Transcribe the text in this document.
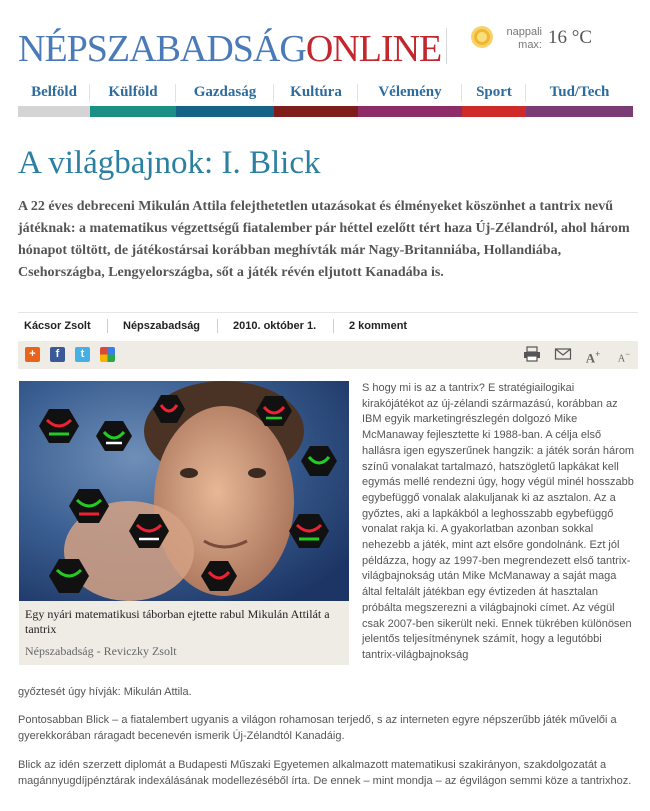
NÉPSZABADSÁGONLINE	nappali max: 16 °C
Belföld	Külföld	Gazdaság	Kultúra	Vélemény	Sport	Tud/Tech
A világbajnok: I. Blick

A 22 éves debreceni Mikulán Attila felejthetetlen utazásokat és élményeket köszönhet a tantrix nevű játéknak: a matematikus végzettségű fiatalember pár héttel ezelőtt tért haza Új-Zélandról, ahol három hónapot töltött, de játékostársai korábban meghívták már Nagy-Britanniába, Hollandiába, Csehországba, Lengyelországba, sőt a játék révén eljutott Kanadába is.

Kácsor Zsolt	Népszabadság	2010. október 1.	2 komment
+	f	t	A+ A−
Egy nyári matematikusi táborban ejtette rabul Mikulán Attilát a tantrix
Népszabadság - Reviczky Zsolt

S hogy mi is az a tantrix? E stratégiailogikai kirakójátékot az új-zélandi származású, korábban az IBM egyik marketingrészlegén dolgozó Mike McManaway fejlesztette ki 1988-ban. A célja első hallásra igen egyszerűnek hangzik: a játék során három színű vonalakat tartalmazó, hatszögletű lapkákat kell egymás mellé rendezni úgy, hogy végül minél hosszabb egybefüggő vonalak alakuljanak ki az asztalon. Az a győztes, aki a lapkákból a leghosszabb egybefüggő vonalat rakja ki. A gyakorlatban azonban sokkal nehezebb a játék, mint azt elsőre gondolnánk. Ezt jól példázza, hogy az 1997-ben megrendezett első tantrix-világbajnokság után Mike McManaway a saját maga által feltalált játékban egy évtizeden át hasztalan próbálta megszerezni a világbajnoki címet. Az végül csak 2007-ben sikerült neki. Ennek tükrében különösen jelentős teljesítménynek számít, hogy a legutóbbi tantrix-világbajnokság

győztesét úgy hívják: Mikulán Attila.

Pontosabban Blick – a fiatalembert ugyanis a világon rohamosan terjedő, s az interneten egyre népszerűbb játék művelői a gyerekkorában ráragadt becenevén ismerik Új-Zélandtól Kanadáig.

Blick az idén szerzett diplomát a Budapesti Műszaki Egyetemen alkalmazott matematikusi szakirányon, szakdolgozatát a magánnyugdíjpénztárak indexálásának modellezéséből írta. De ennek – mint mondja – az égvilágon semmi köze a tantrixhoz.
